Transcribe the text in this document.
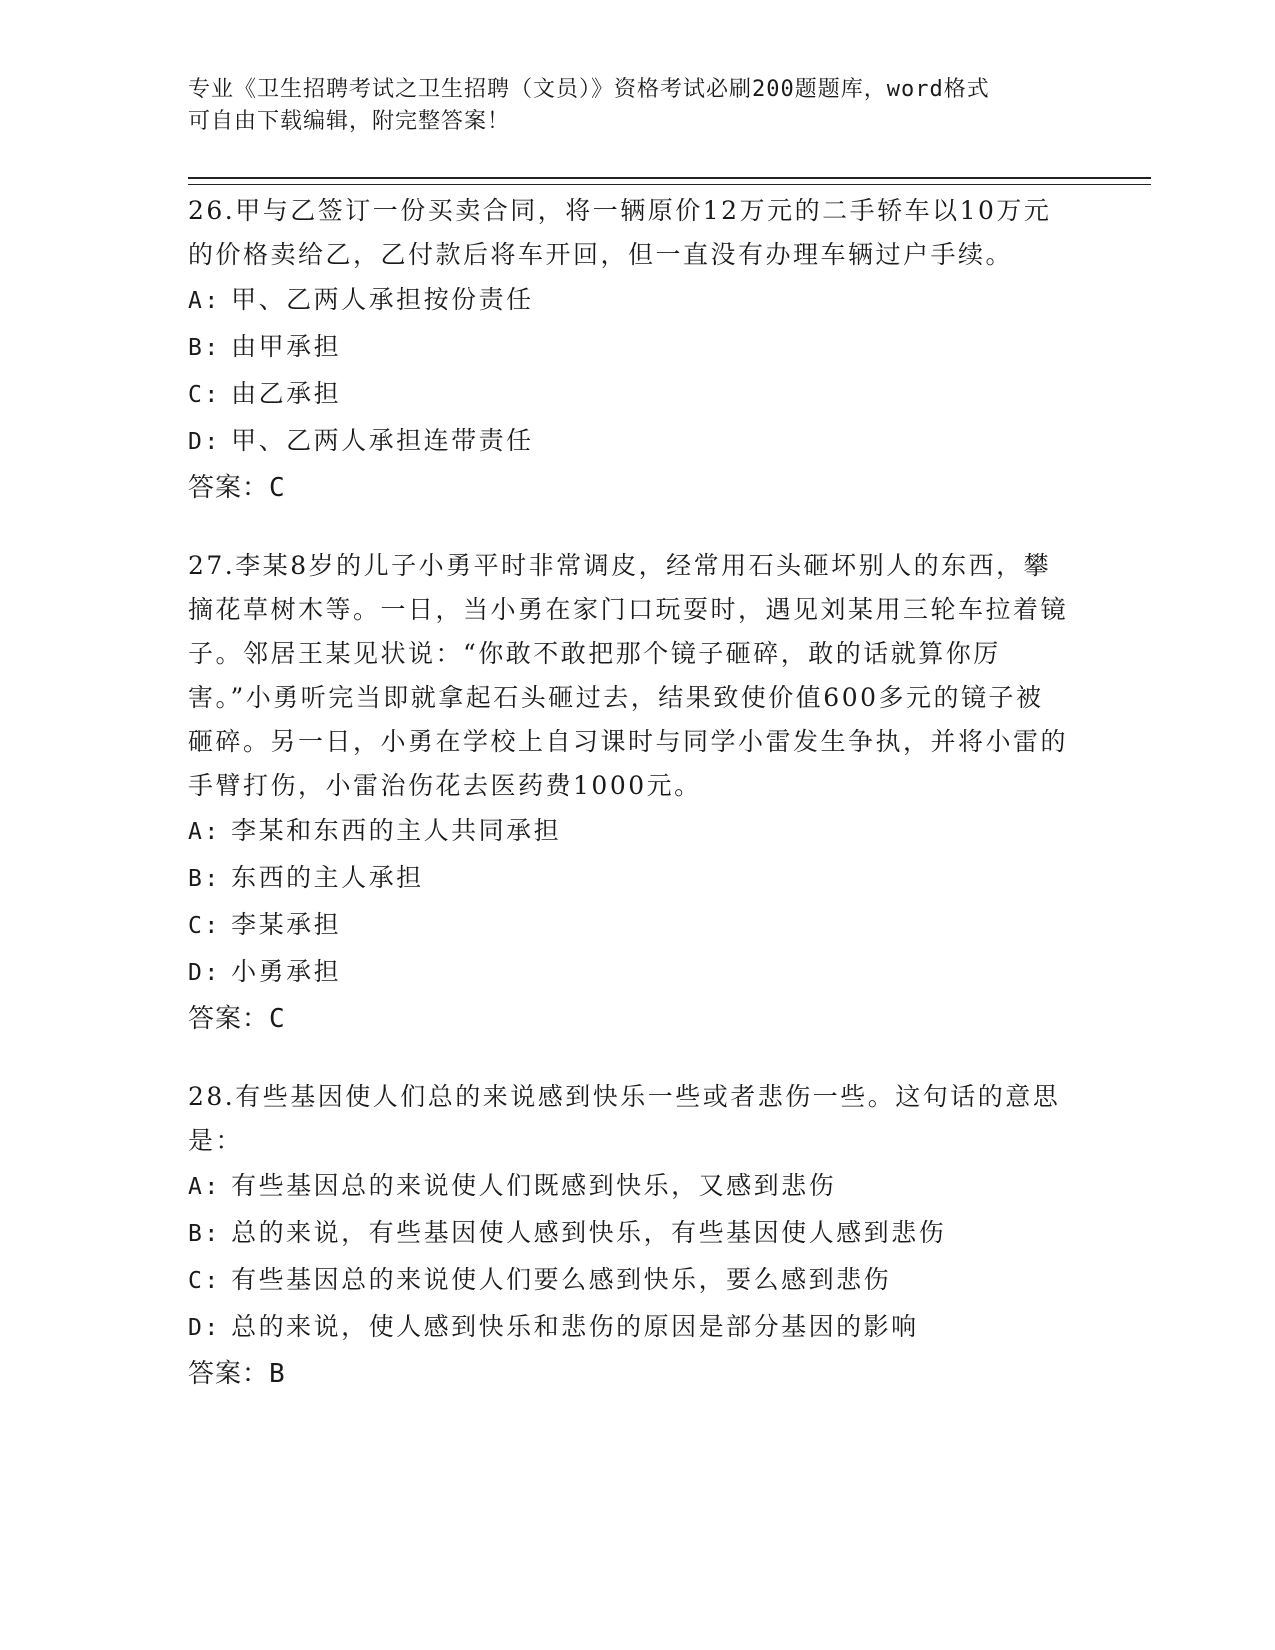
专业《卫生招聘考试之卫生招聘（文员）》资格考试必刷200题题库，word格式
可自由下载编辑，附完整答案！

26.甲与乙签订一份买卖合同，将一辆原价12万元的二手轿车以10万元的价格卖给乙，乙付款后将车开回，但一直没有办理车辆过户手续。

A: 甲、乙两人承担按份责任

B: 由甲承担

C: 由乙承担

D: 甲、乙两人承担连带责任

答案：C

27.李某8岁的儿子小勇平时非常调皮，经常用石头砸坏别人的东西，攀摘花草树木等。一日，当小勇在家门口玩耍时，遇见刘某用三轮车拉着镜子。邻居王某见状说：“你敢不敢把那个镜子砸碎，敢的话就算你厉害。”小勇听完当即就拿起石头砸过去，结果致使价值600多元的镜子被砸碎。另一日，小勇在学校上自习课时与同学小雷发生争执，并将小雷的手臂打伤，小雷治伤花去医药费1000元。

A: 李某和东西的主人共同承担

B: 东西的主人承担

C: 李某承担

D: 小勇承担

答案：C

28.有些基因使人们总的来说感到快乐一些或者悲伤一些。这句话的意思是：

A: 有些基因总的来说使人们既感到快乐，又感到悲伤

B: 总的来说，有些基因使人感到快乐，有些基因使人感到悲伤

C: 有些基因总的来说使人们要么感到快乐，要么感到悲伤

D: 总的来说，使人感到快乐和悲伤的原因是部分基因的影响

答案：B
